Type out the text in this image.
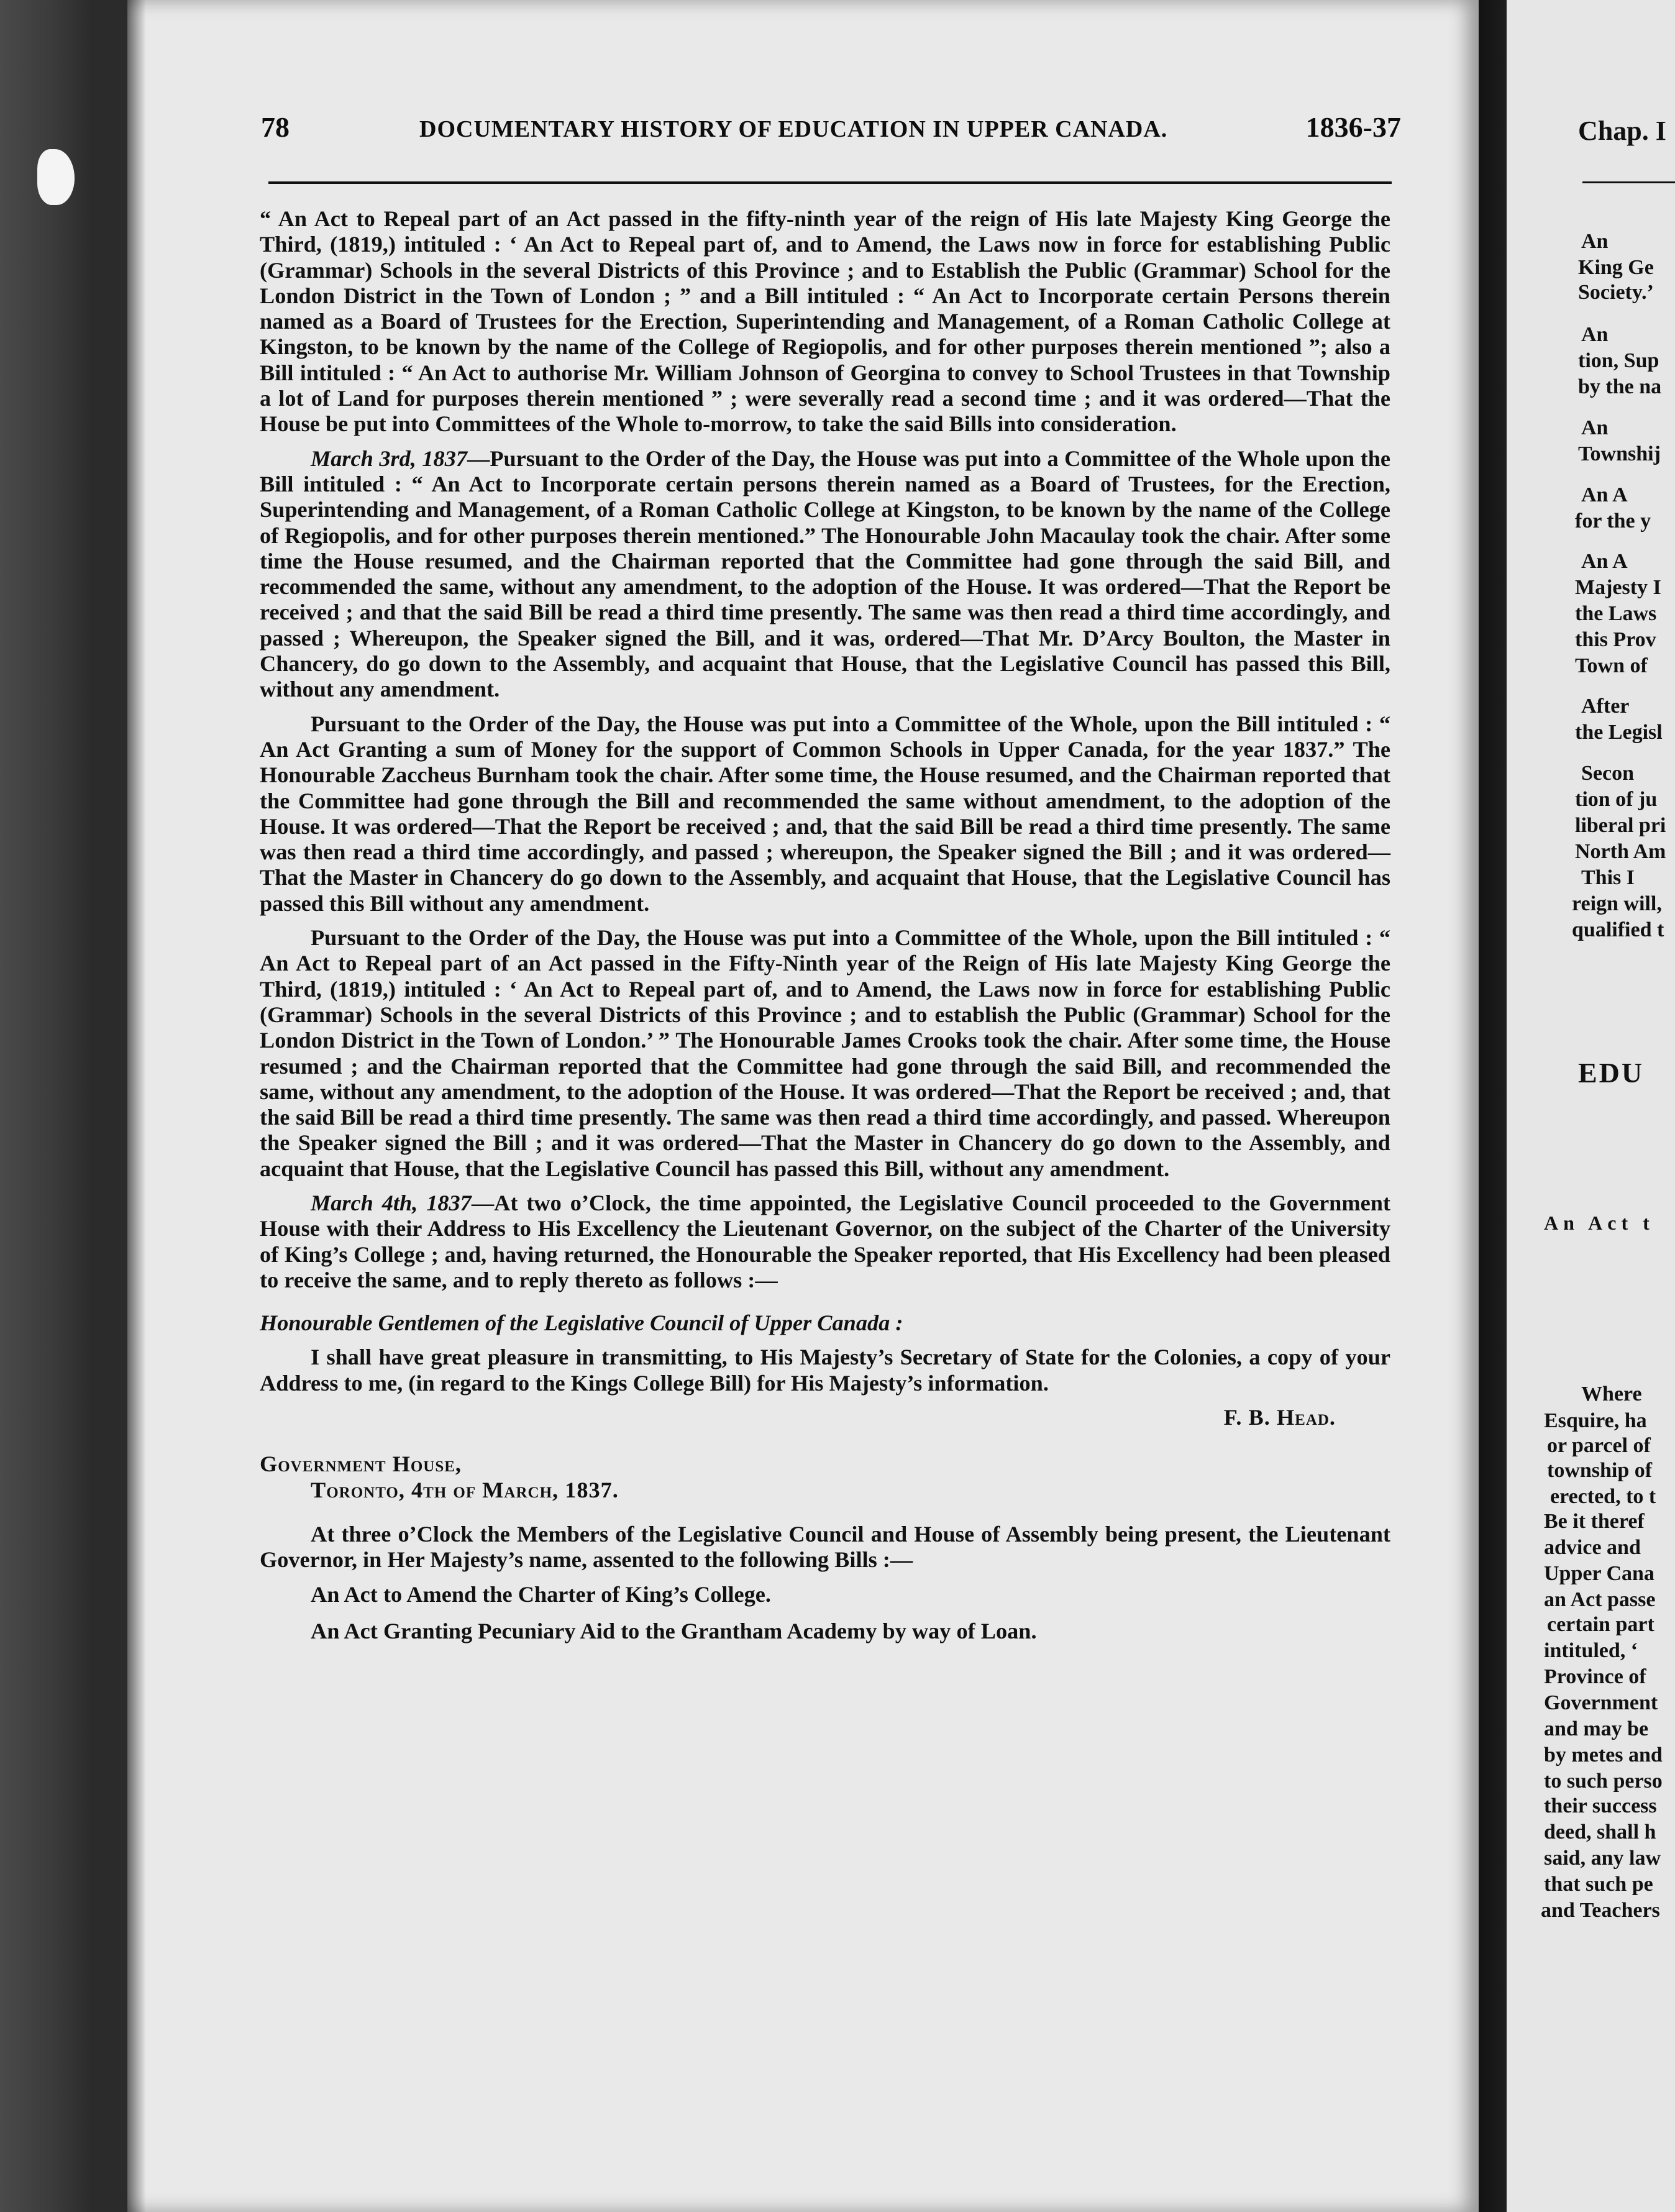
78	DOCUMENTARY HISTORY OF EDUCATION IN UPPER CANADA.	1836-37

“ An Act to Repeal part of an Act passed in the fifty-ninth year of the reign of His late Majesty King George the Third, (1819,) intituled : ‘ An Act to Repeal part of, and to Amend, the Laws now in force for establishing Public (Grammar) Schools in the several Districts of this Province ; and to Establish the Public (Grammar) School for the London District in the Town of London ; ” and a Bill intituled : “ An Act to Incorporate certain Persons therein named as a Board of Trustees for the Erection, Superintending and Management, of a Roman Catholic College at Kingston, to be known by the name of the College of Regiopolis, and for other purposes therein mentioned ”; also a Bill intituled : “ An Act to authorise Mr. William Johnson of Georgina to convey to School Trustees in that Township a lot of Land for purposes therein mentioned ” ; were severally read a second time ; and it was ordered—That the House be put into Committees of the Whole to-morrow, to take the said Bills into consideration.

March 3rd, 1837—Pursuant to the Order of the Day, the House was put into a Committee of the Whole upon the Bill intituled : “ An Act to Incorporate certain persons therein named as a Board of Trustees, for the Erection, Superintending and Management, of a Roman Catholic College at Kingston, to be known by the name of the College of Regiopolis, and for other purposes therein mentioned.” The Honourable John Macaulay took the chair. After some time the House resumed, and the Chairman reported that the Committee had gone through the said Bill, and recommended the same, without any amendment, to the adoption of the House. It was ordered—That the Report be received ; and that the said Bill be read a third time presently. The same was then read a third time accordingly, and passed ; Whereupon, the Speaker signed the Bill, and it was, ordered—That Mr. D’Arcy Boulton, the Master in Chancery, do go down to the Assembly, and acquaint that House, that the Legislative Council has passed this Bill, without any amendment.

Pursuant to the Order of the Day, the House was put into a Committee of the Whole, upon the Bill intituled : “ An Act Granting a sum of Money for the support of Common Schools in Upper Canada, for the year 1837.” The Honourable Zaccheus Burnham took the chair. After some time, the House resumed, and the Chairman reported that the Committee had gone through the Bill and recommended the same without amendment, to the adoption of the House. It was ordered—That the Report be received ; and, that the said Bill be read a third time presently. The same was then read a third time accordingly, and passed ; whereupon, the Speaker signed the Bill ; and it was ordered—That the Master in Chancery do go down to the Assembly, and acquaint that House, that the Legislative Council has passed this Bill without any amendment.

Pursuant to the Order of the Day, the House was put into a Committee of the Whole, upon the Bill intituled : “ An Act to Repeal part of an Act passed in the Fifty-Ninth year of the Reign of His late Majesty King George the Third, (1819,) intituled : ‘ An Act to Repeal part of, and to Amend, the Laws now in force for establishing Public (Grammar) Schools in the several Districts of this Province ; and to establish the Public (Grammar) School for the London District in the Town of London.’ ” The Honourable James Crooks took the chair. After some time, the House resumed ; and the Chairman reported that the Committee had gone through the said Bill, and recommended the same, without any amendment, to the adoption of the House. It was ordered—That the Report be received ; and, that the said Bill be read a third time presently. The same was then read a third time accordingly, and passed. Whereupon the Speaker signed the Bill ; and it was ordered—That the Master in Chancery do go down to the Assembly, and acquaint that House, that the Legislative Council has passed this Bill, without any amendment.

March 4th, 1837—At two o’Clock, the time appointed, the Legislative Council proceeded to the Government House with their Address to His Excellency the Lieutenant Governor, on the subject of the Charter of the University of King’s College ; and, having returned, the Honourable the Speaker reported, that His Excellency had been pleased to receive the same, and to reply thereto as follows :—

Honourable Gentlemen of the Legislative Council of Upper Canada :

I shall have great pleasure in transmitting, to His Majesty’s Secretary of State for the Colonies, a copy of your Address to me, (in regard to the Kings College Bill) for His Majesty’s information.

F. B. Head.

Government House,

Toronto, 4th of March, 1837.

At three o’Clock the Members of the Legislative Council and House of Assembly being present, the Lieutenant Governor, in Her Majesty’s name, assented to the following Bills :—

An Act to Amend the Charter of King’s College.

An Act Granting Pecuniary Aid to the Grantham Academy by way of Loan.

Chap. I
An
King Ge
Society.’
An
tion, Sup
by the na
An
Townshij
An A
for the y
An A
Majesty I
the Laws
this Prov
Town of
After
the Legisl
Secon
tion of ju
liberal pri
North Am
This I
reign will,
qualified t
EDU
An Act t
Where
Esquire, ha
or parcel of
township of
erected, to t
Be it theref
advice and
Upper Cana
an Act passe
certain part
intituled, ‘
Province of
Government
and may be
by metes and
to such perso
their success
deed, shall h
said, any law
that such pe
and Teachers
